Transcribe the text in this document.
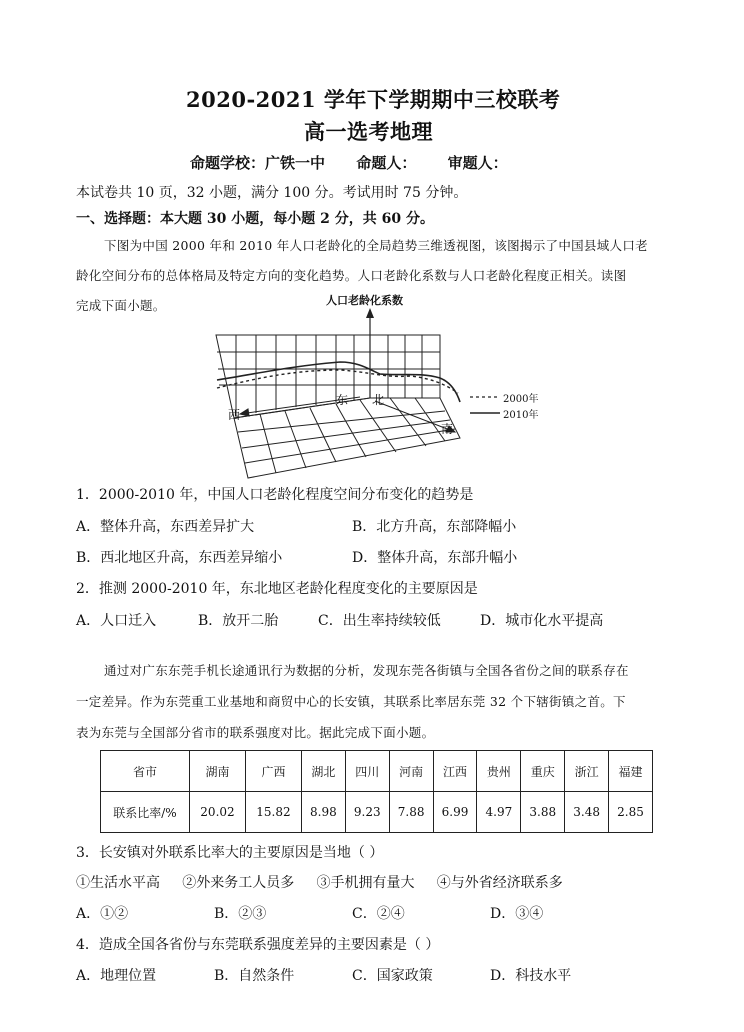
2020-2021 学年下学期期中三校联考
高一选考地理
命题学校：广铁一中      命题人：      审题人：
本试卷共 10 页，32 小题，满分 100 分。考试用时 75 分钟。
一、选择题：本大题 30 小题，每小题 2 分，共 60 分。
下图为中国 2000 年和 2010 年人口老龄化的全局趋势三维透视图，该图揭示了中国县域人口老
龄化空间分布的总体格局及特定方向的变化趋势。人口老龄化系数与人口老龄化程度正相关。读图
完成下面小题。	人口老龄化系数
西
东 北
南
2000年
2010年
1．2000-2010 年，中国人口老龄化程度空间分布变化的趋势是
A．整体升高，东西差异扩大	B．北方升高，东部降幅小
B．西北地区升高，东西差异缩小	D．整体升高，东部升幅小
2．推测 2000-2010 年，东北地区老龄化程度变化的主要原因是
A．人口迁入	B．放开二胎	C．出生率持续较低	D．城市化水平提高
通过对广东东莞手机长途通讯行为数据的分析，发现东莞各街镇与全国各省份之间的联系存在
一定差异。作为东莞重工业基地和商贸中心的长安镇，其联系比率居东莞 32 个下辖街镇之首。下
表为东莞与全国部分省市的联系强度对比。据此完成下面小题。
省市	湖南	广西	湖北	四川	河南	江西	贵州	重庆	浙江	福建
联系比率/%	20.02	15.82	8.98	9.23	7.88	6.99	4.97	3.88	3.48	2.85
3．长安镇对外联系比率大的主要原因是当地（ ）
①生活水平高     ②外来务工人员多     ③手机拥有量大     ④与外省经济联系多
A．①②	B．②③	C．②④	D．③④
4．造成全国各省份与东莞联系强度差异的主要因素是（ ）
A．地理位置	B．自然条件	C．国家政策	D．科技水平
